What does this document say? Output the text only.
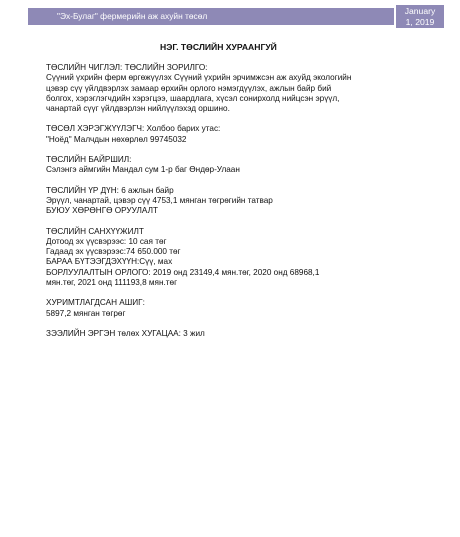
"Эх-Булаг" фермерийн аж ахуйн төсөл	January
1, 2019
НЭГ. ТӨСЛИЙН ХУРААНГУЙ
ТӨСЛИЙН ЧИГЛЭЛ: ТӨСЛИЙН ЗОРИЛГО:
Сүүний үхрийн ферм өргөжүүлэх Сүүний үхрийн эрчимжсэн аж ахуйд экологийн
цэвэр сүү үйлдвэрлэх замаар өрхийн орлого нэмэгдүүлэх, ажлын байр бий
болгох, хэрэглэгчдийн хэрэгцээ, шаардлага, хүсэл сонирхолд нийцсэн эрүүл,
чанартай сүүг үйлдвэрлэн нийлүүлэхэд оршино.
ТӨСӨЛ ХЭРЭГЖҮҮЛЭГЧ: Холбоо барих утас:
"Ноёд" Малчдын нөхөрлөл 99745032
ТӨСЛИЙН БАЙРШИЛ:
Сэлэнгэ аймгийн Мандал сум 1-р баг Өндөр-Улаан
ТӨСЛИЙН ҮР ДҮН: 6 ажлын байр
Эрүүл, чанартай, цэвэр сүү 4753,1 мянган төгрөгийн татвар
БУЮУ ХӨРӨНГӨ ОРУУЛАЛТ
ТӨСЛИЙН САНХҮҮЖИЛТ
Дотоод эх үүсвэрээс: 10 сая төг
Гадаад эх үүсвэрээс:74 650.000 төг
БАРАА БҮТЭЭГДЭХҮҮН:Сүү, мах
БОРЛУУЛАЛТЫН ОРЛОГО: 2019 онд 23149,4 мян.төг, 2020 онд 68968,1
мян.төг, 2021 онд 111193,8 мян.төг
ХУРИМТЛАГДСАН АШИГ:
5897,2 мянган төгрөг
ЗЭЭЛИЙН ЭРГЭН төлөх ХУГАЦАА: 3 жил
